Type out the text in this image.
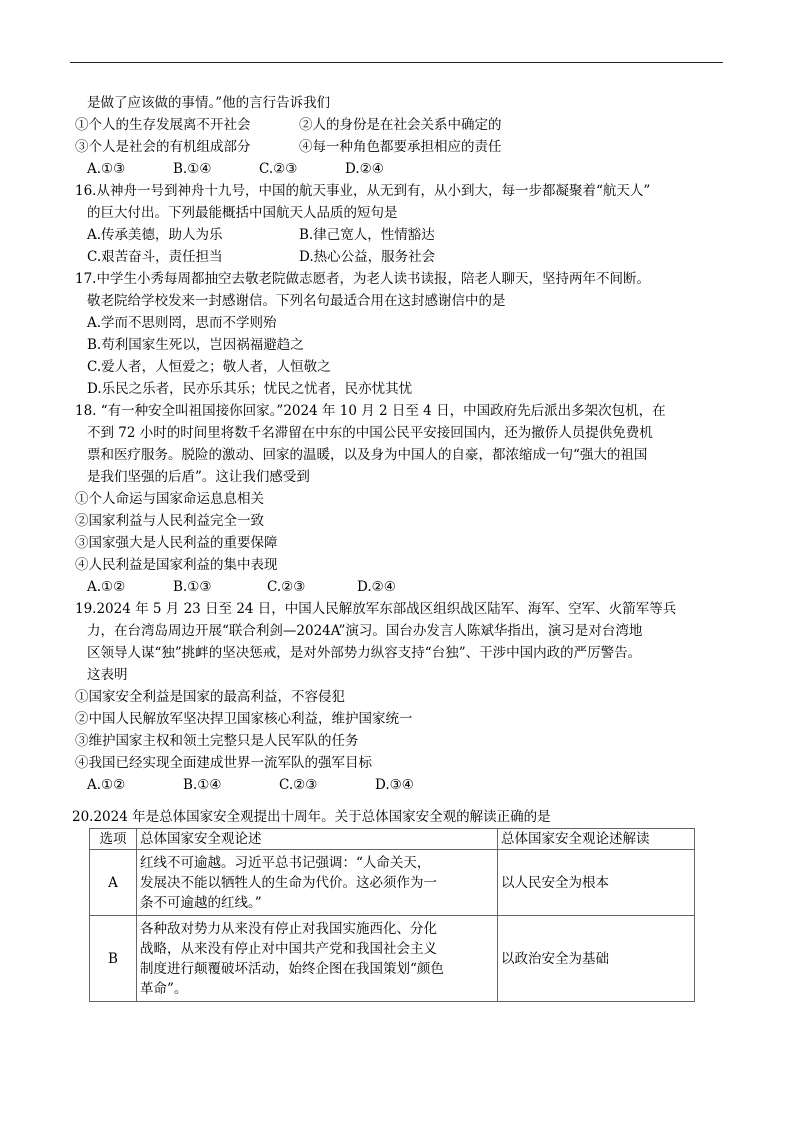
是做了应该做的事情。”他的言行告诉我们
①个人的生存发展离不开社会	②人的身份是在社会关系中确定的
③个人是社会的有机组成部分	④每一种角色都要承担相应的责任
A.①③	B.①④	C.②③	D.②④
16.从神舟一号到神舟十九号，中国的航天事业，从无到有，从小到大，每一步都凝聚着“航天人”
的巨大付出。下列最能概括中国航天人品质的短句是
A.传承美德，助人为乐	B.律己宽人，性情豁达
C.艰苦奋斗，责任担当	D.热心公益，服务社会
17.中学生小秀每周都抽空去敬老院做志愿者，为老人读书读报，陪老人聊天，坚持两年不间断。
敬老院给学校发来一封感谢信。下列名句最适合用在这封感谢信中的是
A.学而不思则罔，思而不学则殆
B.苟利国家生死以，岂因祸福避趋之
C.爱人者，人恒爱之；敬人者，人恒敬之
D.乐民之乐者，民亦乐其乐；忧民之忧者，民亦忧其忧
18. “有一种安全叫祖国接你回家。”2024 年 10 月 2 日至 4 日，中国政府先后派出多架次包机，在
不到 72 小时的时间里将数千名滞留在中东的中国公民平安接回国内，还为撤侨人员提供免费机
票和医疗服务。脱险的激动、回家的温暖，以及身为中国人的自豪，都浓缩成一句“强大的祖国
是我们坚强的后盾”。这让我们感受到
①个人命运与国家命运息息相关
②国家利益与人民利益完全一致
③国家强大是人民利益的重要保障
④人民利益是国家利益的集中表现
A.①②	B.①③	C.②③	D.②④
19.2024 年 5 月 23 日至 24 日，中国人民解放军东部战区组织战区陆军、海军、空军、火箭军等兵
力，在台湾岛周边开展“联合利剑—2024A”演习。国台办发言人陈斌华指出，演习是对台湾地
区领导人谋“独”挑衅的坚决惩戒，是对外部势力纵容支持“台独”、干涉中国内政的严厉警告。
这表明
①国家安全利益是国家的最高利益，不容侵犯
②中国人民解放军坚决捍卫国家核心利益，维护国家统一
③维护国家主权和领土完整只是人民军队的任务
④我国已经实现全面建成世界一流军队的强军目标
A.①②	B.①④	C.②③	D.③④
20.2024 年是总体国家安全观提出十周年。关于总体国家安全观的解读正确的是
选项	总体国家安全观论述	总体国家安全观论述解读
A	红线不可逾越。习近平总书记强调：“人命关天，
发展决不能以牺牲人的生命为代价。这必须作为一
条不可逾越的红线。”	以人民安全为根本
B	各种敌对势力从来没有停止对我国实施西化、分化
战略，从来没有停止对中国共产党和我国社会主义
制度进行颠覆破坏活动，始终企图在我国策划“颜色
革命”。	以政治安全为基础
